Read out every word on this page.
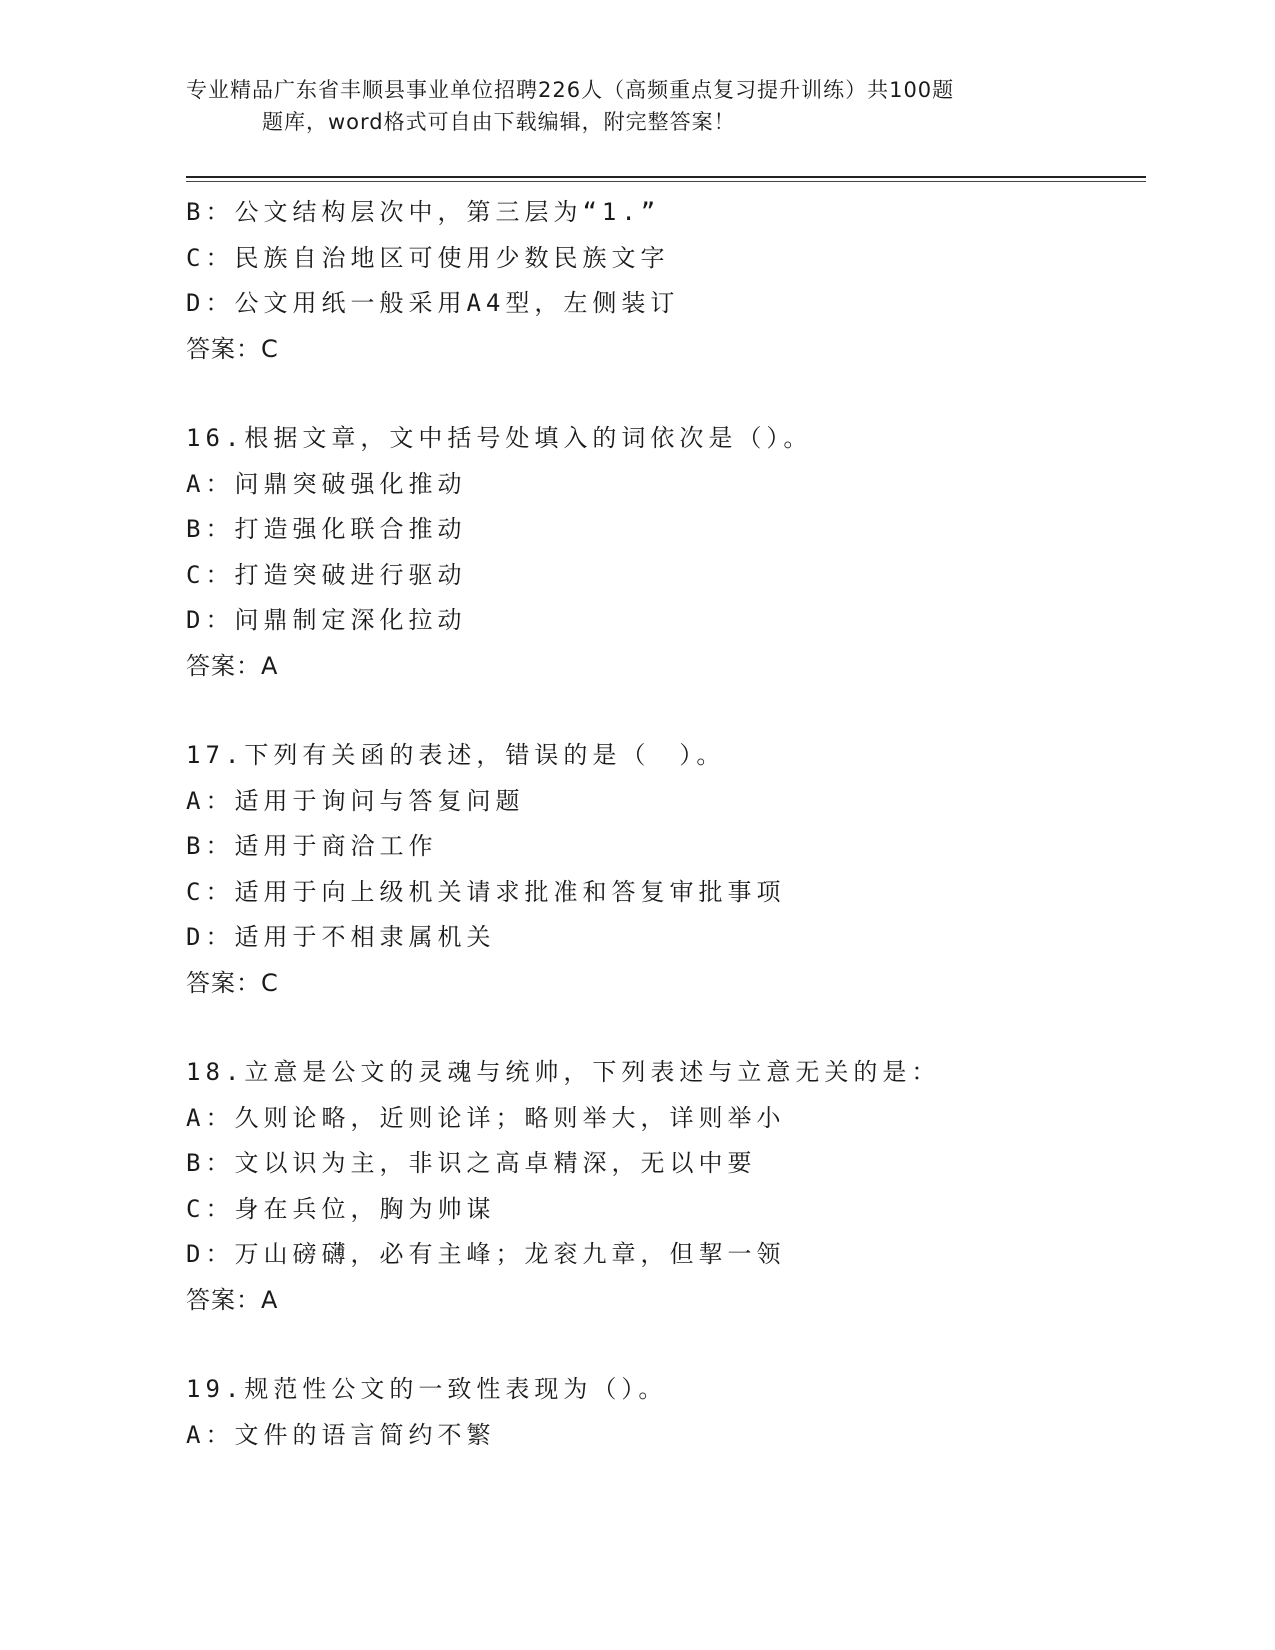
专业精品广东省丰顺县事业单位招聘226人（高频重点复习提升训练）共100题
题库，word格式可自由下载编辑，附完整答案！
B：公文结构层次中，第三层为“1.”
C：民族自治地区可使用少数民族文字
D：公文用纸一般采用A4型，左侧装订
答案：C
16.根据文章，文中括号处填入的词依次是（）。
A：问鼎突破强化推动
B：打造强化联合推动
C：打造突破进行驱动
D：问鼎制定深化拉动
答案：A
17.下列有关函的表述，错误的是（　）。
A：适用于询问与答复问题
B：适用于商洽工作
C：适用于向上级机关请求批准和答复审批事项
D：适用于不相隶属机关
答案：C
18.立意是公文的灵魂与统帅，下列表述与立意无关的是：
A：久则论略，近则论详；略则举大，详则举小
B：文以识为主，非识之高卓精深，无以中要
C：身在兵位，胸为帅谋
D：万山磅礴，必有主峰；龙衮九章，但挈一领
答案：A
19.规范性公文的一致性表现为（）。
A：文件的语言简约不繁
